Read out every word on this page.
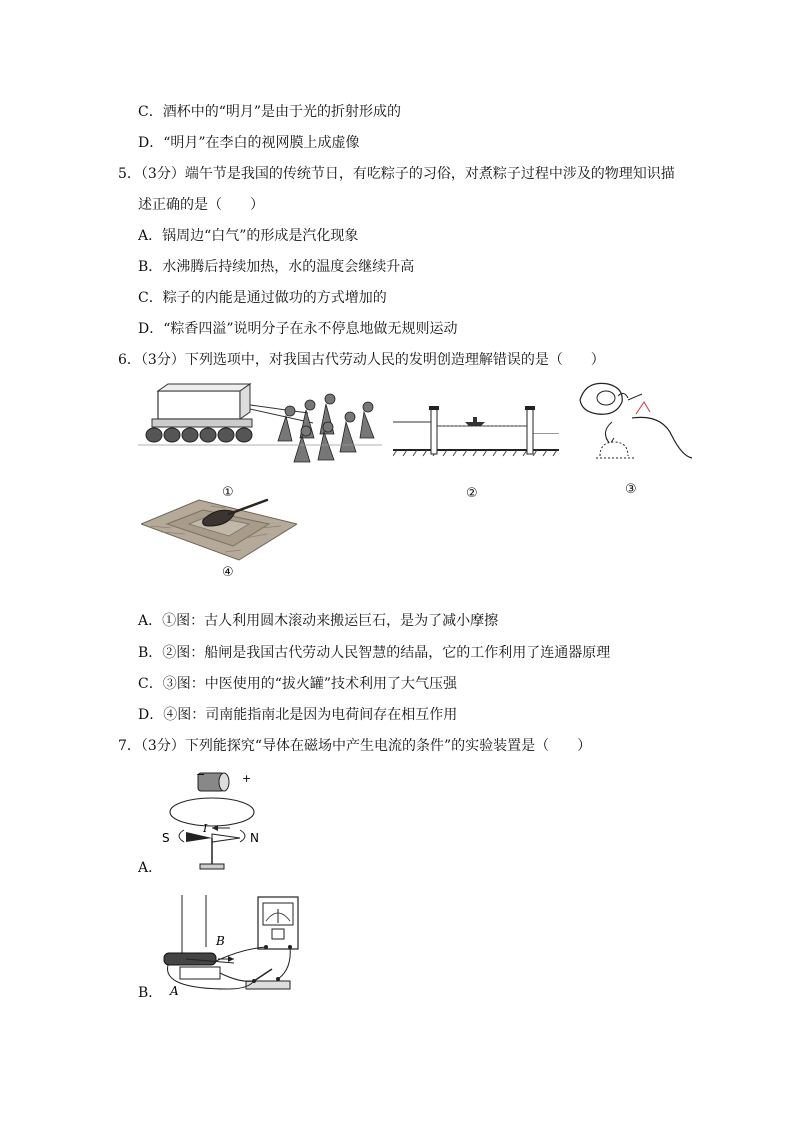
C．酒杯中的“明月”是由于光的折射形成的
D．“明月”在李白的视网膜上成虚像
5．（3分）端午节是我国的传统节日，有吃粽子的习俗，对煮粽子过程中涉及的物理知识描
述正确的是（　　）
A．锅周边“白气”的形成是汽化现象
B．水沸腾后持续加热，水的温度会继续升高
C．粽子的内能是通过做功的方式增加的
D．“粽香四溢”说明分子在永不停息地做无规则运动
6．（3分）下列选项中，对我国古代劳动人民的发明创造理解错误的是（　　）
①	②	③
④
A．①图：古人利用圆木滚动来搬运巨石，是为了减小摩擦
B．②图：船闸是我国古代劳动人民智慧的结晶，它的工作利用了连通器原理
C．③图：中医使用的“拔火罐”技术利用了大气压强
D．④图：司南能指南北是因为电荷间存在相互作用
7．（3分）下列能探究“导体在磁场中产生电流的条件”的实验装置是（　　）
−	+
I
S	N
A．
B
A
B．
